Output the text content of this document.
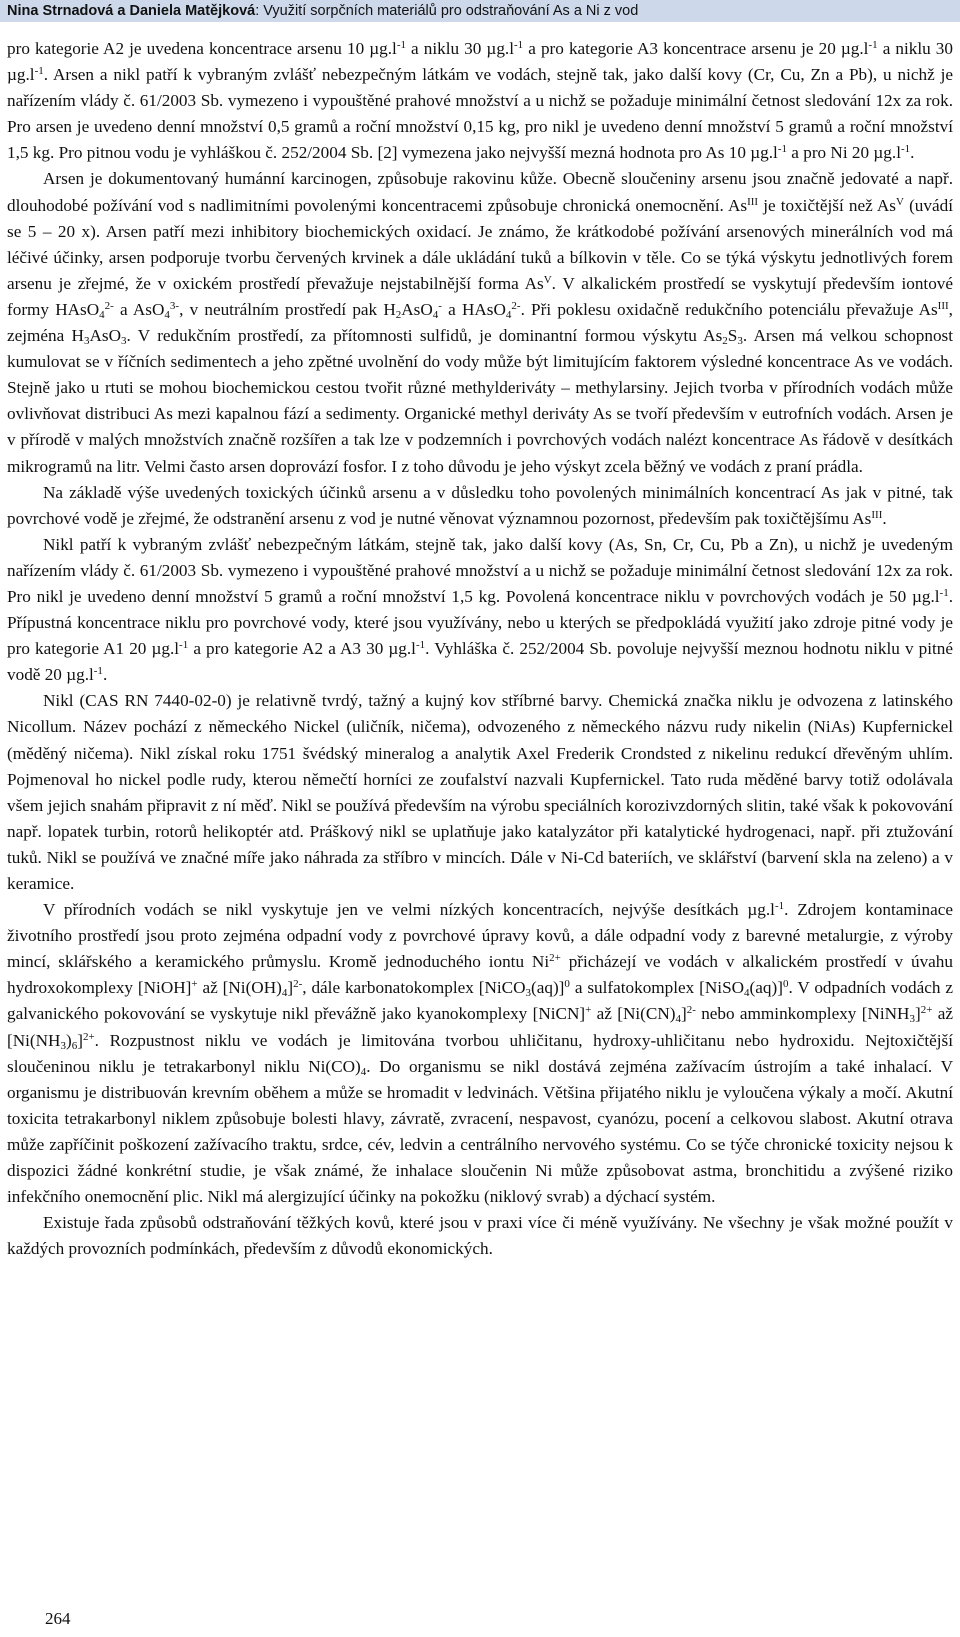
Nina Strnadová a Daniela Matějková: Využití sorpčních materiálů pro odstraňování As a Ni z vod

pro kategorie A2 je uvedena koncentrace arsenu 10 $\mu g.l^{-1}$ a niklu 30 $\mu g.l^{-1}$ a pro kategorie A3 koncentrace arsenu je 20 $\mu g.l^{-1}$ a niklu 30 $\mu g.l^{-1}$. Arsen a nikl patří k vybraným zvlášť nebezpečným látkám ve vodách, stejně tak, jako další kovy (Cr, Cu, Zn a Pb), u nichž je nařízením vlády č. 61/2003 Sb. vymezeno i vypouštěné prahové množství a u nichž se požaduje minimální četnost sledování 12x za rok. Pro arsen je uvedeno denní množství 0,5 gramů a roční množství 0,15 kg, pro nikl je uvedeno denní množství 5 gramů a roční množství 1,5 kg. Pro pitnou vodu je vyhláškou č. 252/2004 Sb. [2] vymezena jako nejvyšší mezná hodnota pro As 10 $\mu g.l^{-1}$ a pro Ni 20 $\mu g.l^{-1}$.

Arsen je dokumentovaný humánní karcinogen, způsobuje rakovinu kůže. Obecně sloučeniny arsenu jsou značně jedovaté a např. dlouhodobé požívání vod s nadlimitními povolenými koncentracemi způsobuje chronická onemocnění. $As^{III}$ je toxičtější než $As^V$ (uvádí se 5 – 20 x). Arsen patří mezi inhibitory biochemických oxidací. Je známo, že krátkodobé požívání arsenových minerálních vod má léčivé účinky, arsen podporuje tvorbu červených krvinek a dále ukládání tuků a bílkovin v těle. Co se týká výskytu jednotlivých forem arsenu je zřejmé, že v oxickém prostředí převažuje nejstabilnější forma $As^V$. V alkalickém prostředí se vyskytují především iontové formy HAsO$_4^{2-}$ a AsO$_4^{3-}$, v neutrálním prostředí pak $H_2AsO_4^-$ a HAsO$_4^{2-}$. Při poklesu oxidačně redukčního potenciálu převažuje $As^{III}$, zejména $H_3AsO_3$. V redukčním prostředí, za přítomnosti sulfidů, je dominantní formou výskytu $As_2S_3$. Arsen má velkou schopnost kumulovat se v říčních sedimentech a jeho zpětné uvolnění do vody může být limitujícím faktorem výsledné koncentrace As ve vodách. Stejně jako u rtuti se mohou biochemickou cestou tvořit různé methylderiváty – methylarsiny. Jejich tvorba v přírodních vodách může ovlivňovat distribuci As mezi kapalnou fází a sedimenty. Organické methyl deriváty As se tvoří především v eutrofních vodách. Arsen je v přírodě v malých množstvích značně rozšířen a tak lze v podzemních i povrchových vodách nalézt koncentrace As řádově v desítkách mikrogramů na litr. Velmi často arsen doprovází fosfor. I z toho důvodu je jeho výskyt zcela běžný ve vodách z praní prádla.

Na základě výše uvedených toxických účinků arsenu a v důsledku toho povolených minimálních koncentrací As jak v pitné, tak povrchové vodě je zřejmé, že odstranění arsenu z vod je nutné věnovat významnou pozornost, především pak toxičtějšímu $As^{III}$.

Nikl patří k vybraným zvlášť nebezpečným látkám, stejně tak, jako další kovy (As, Sn, Cr, Cu, Pb a Zn), u nichž je uvedeným nařízením vlády č. 61/2003 Sb. vymezeno i vypouštěné prahové množství a u nichž se požaduje minimální četnost sledování 12x za rok. Pro nikl je uvedeno denní množství 5 gramů a roční množství 1,5 kg. Povolená koncentrace niklu v povrchových vodách je 50 $\mu g.l^{-1}$. Přípustná koncentrace niklu pro povrchové vody, které jsou využívány, nebo u kterých se předpokládá využití jako zdroje pitné vody je pro kategorie A1 20 $\mu g.l^{-1}$ a pro kategorie A2 a A3 30 $\mu g.l^{-1}$. Vyhláška č. 252/2004 Sb. povoluje nejvyšší meznou hodnotu niklu v pitné vodě 20 $\mu g.l^{-1}$.

Nikl (CAS RN 7440-02-0) je relativně tvrdý, tažný a kujný kov stříbrné barvy. Chemická značka niklu je odvozena z latinského Nicollum. Název pochází z německého Nickel (uličník, ničema), odvozeného z německého názvu rudy nikelin (NiAs) Kupfernickel (měděný ničema). Nikl získal roku 1751 švédský mineralog a analytik Axel Frederik Crondsted z nikelinu redukcí dřevěným uhlím. Pojmenoval ho nickel podle rudy, kterou němečtí horníci ze zoufalství nazvali Kupfernickel. Tato ruda měděné barvy totiž odolávala všem jejich snahám připravit z ní měď. Nikl se používá především na výrobu speciálních korozivzdorných slitin, také však k pokovování např. lopatek turbin, rotorů helikoptér atd. Práškový nikl se uplatňuje jako katalyzátor při katalytické hydrogenaci, např. při ztužování tuků. Nikl se používá ve značné míře jako náhrada za stříbro v mincích. Dále v Ni-Cd bateriích, ve sklářství (barvení skla na zeleno) a v keramice.

V přírodních vodách se nikl vyskytuje jen ve velmi nízkých koncentracích, nejvýše desítkách $\mu g.l^{-1}$. Zdrojem kontaminace životního prostředí jsou proto zejména odpadní vody z povrchové úpravy kovů, a dále odpadní vody z barevné metalurgie, z výroby mincí, sklářského a keramického průmyslu. Kromě jednoduchého iontu $Ni^{2+}$ přicházejí ve vodách v alkalickém prostředí v úvahu hydroxokomplexy [NiOH]+ až $[Ni(OH)_4]^{2-}$, dále karbonatokomplex [NiCO$_3$(aq)]$^0$ a sulfatokomplex [NiSO$_4$(aq)]$^0$. V odpadních vodách z galvanického pokovování se vyskytuje nikl převážně jako kyanokomplexy [NiCN]+ až $[Ni(CN)_4]^{2-}$ nebo amminkomplexy [NiNH$_3$]$^{2+}$ až $[Ni(NH_3)_6]^{2+}$. Rozpustnost niklu ve vodách je limitována tvorbou uhličitanu, hydroxy-uhličitanu nebo hydroxidu. Nejtoxičtější sloučeninou niklu je tetrakarbonyl niklu $Ni(CO)_4$. Do organismu se nikl dostává zejména zažívacím ústrojím a také inhalací. V organismu je distribuován krevním oběhem a může se hromadit v ledvinách. Většina přijatého niklu je vyloučena výkaly a močí. Akutní toxicita tetrakarbonyl niklem způsobuje bolesti hlavy, závratě, zvracení, nespavost, cyanózu, pocení a celkovou slabost. Akutní otrava může zapříčinit poškození zažívacího traktu, srdce, cév, ledvin a centrálního nervového systému. Co se týče chronické toxicity nejsou k dispozici žádné konkrétní studie, je však známé, že inhalace sloučenin Ni může způsobovat astma, bronchitidu a zvýšené riziko infekčního onemocnění plic. Nikl má alergizující účinky na pokožku (niklový svrab) a dýchací systém.

Existuje řada způsobů odstraňování těžkých kovů, které jsou v praxi více či méně využívány. Ne všechny je však možné použít v každých provozních podmínkách, především z důvodů ekonomických.

264
